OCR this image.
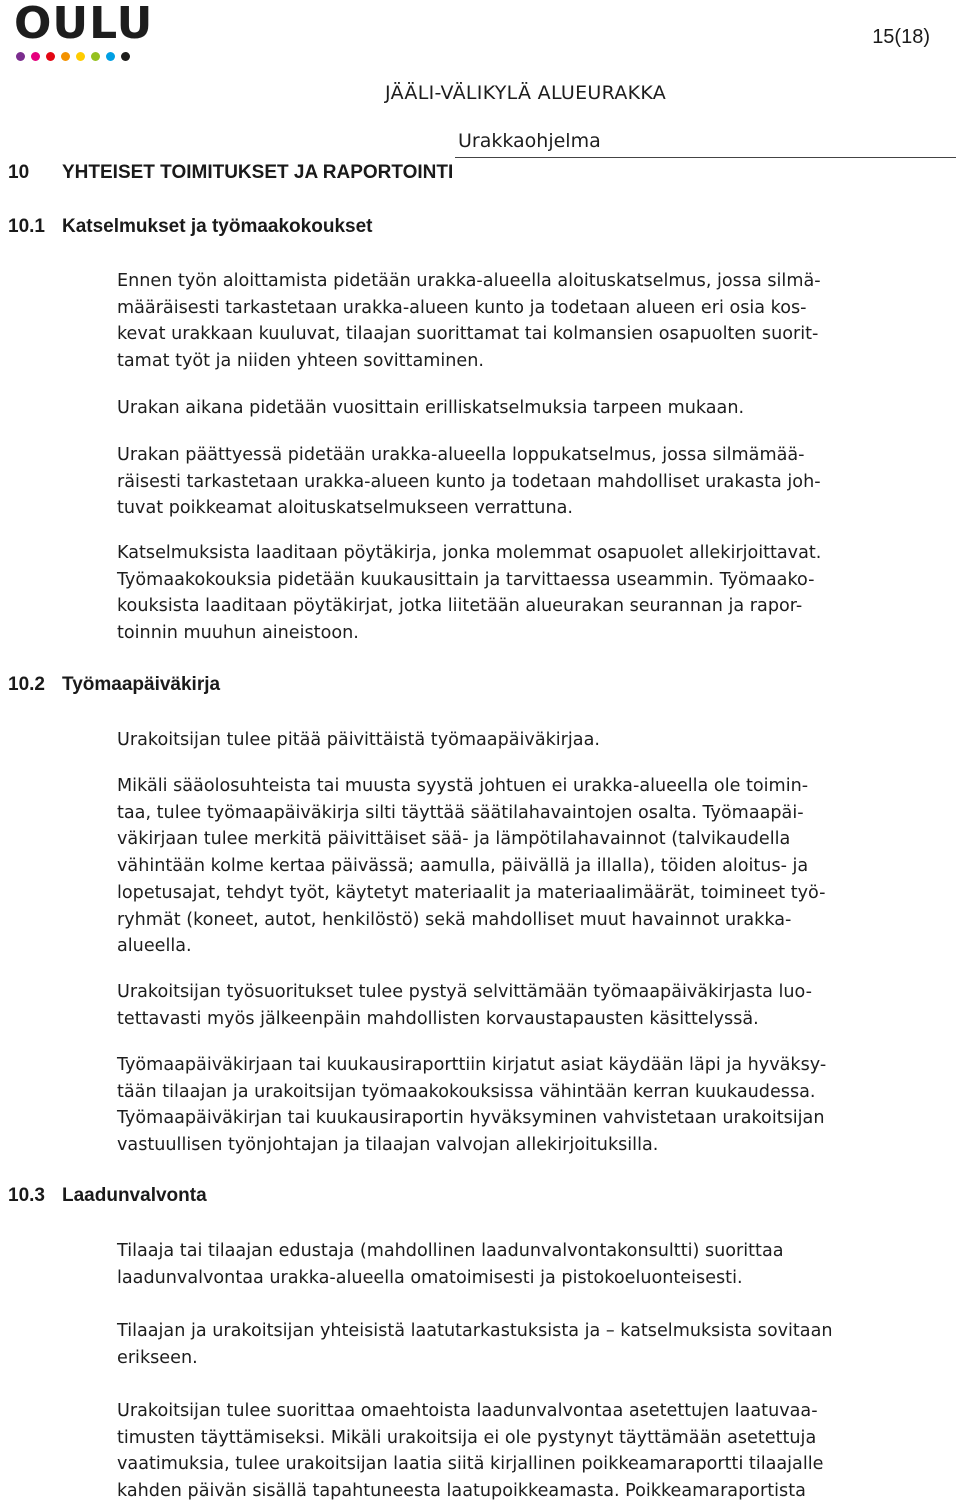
OULU	15(18)
JÄÄLI-VÄLIKYLÄ ALUEURAKKA
Urakkaohjelma
10 YHTEISET TOIMITUKSET JA RAPORTOINTI
10.1 Katselmukset ja työmaakokoukset
10.2 Työmaapäiväkirja
10.3 Laadunvalvonta
Ennen työn aloittamista pidetään urakka-alueella aloituskatselmus, jossa silmä-
määräisesti tarkastetaan urakka-alueen kunto ja todetaan alueen eri osia kos-
kevat urakkaan kuuluvat, tilaajan suorittamat tai kolmansien osapuolten suorit-
tamat työt ja niiden yhteen sovittaminen.
Urakan aikana pidetään vuosittain erilliskatselmuksia tarpeen mukaan.
Urakan päättyessä pidetään urakka-alueella loppukatselmus, jossa silmämää-
räisesti tarkastetaan urakka-alueen kunto ja todetaan mahdolliset urakasta joh-
tuvat poikkeamat aloituskatselmukseen verrattuna.
Katselmuksista laaditaan pöytäkirja, jonka molemmat osapuolet allekirjoittavat.
Työmaakokouksia pidetään kuukausittain ja tarvittaessa useammin. Työmaako-
kouksista laaditaan pöytäkirjat, jotka liitetään alueurakan seurannan ja rapor-
toinnin muuhun aineistoon.
Urakoitsijan tulee pitää päivittäistä työmaapäiväkirjaa.
Mikäli sääolosuhteista tai muusta syystä johtuen ei urakka-alueella ole toimin-
taa, tulee työmaapäiväkirja silti täyttää säätilahavaintojen osalta. Työmaapäi-
väkirjaan tulee merkitä päivittäiset sää- ja lämpötilahavainnot (talvikaudella
vähintään kolme kertaa päivässä; aamulla, päivällä ja illalla), töiden aloitus- ja
lopetusajat, tehdyt työt, käytetyt materiaalit ja materiaalimäärät, toimineet työ-
ryhmät (koneet, autot, henkilöstö) sekä mahdolliset muut havainnot urakka-
alueella.
Urakoitsijan työsuoritukset tulee pystyä selvittämään työmaapäiväkirjasta luo-
tettavasti myös jälkeenpäin mahdollisten korvaustapausten käsittelyssä.
Työmaapäiväkirjaan tai kuukausiraporttiin kirjatut asiat käydään läpi ja hyväksy-
tään tilaajan ja urakoitsijan työmaakokouksissa vähintään kerran kuukaudessa.
Työmaapäiväkirjan tai kuukausiraportin hyväksyminen vahvistetaan urakoitsijan
vastuullisen työnjohtajan ja tilaajan valvojan allekirjoituksilla.
Tilaaja tai tilaajan edustaja (mahdollinen laadunvalvontakonsultti) suorittaa
laadunvalvontaa urakka-alueella omatoimisesti ja pistokoeluonteisesti.
Tilaajan ja urakoitsijan yhteisistä laatutarkastuksista ja – katselmuksista sovitaan
erikseen.
Urakoitsijan tulee suorittaa omaehtoista laadunvalvontaa asetettujen laatuvaa-
timusten täyttämiseksi. Mikäli urakoitsija ei ole pystynyt täyttämään asetettuja
vaatimuksia, tulee urakoitsijan laatia siitä kirjallinen poikkeamaraportti tilaajalle
kahden päivän sisällä tapahtuneesta laatupoikkeamasta. Poikkeamaraportista
